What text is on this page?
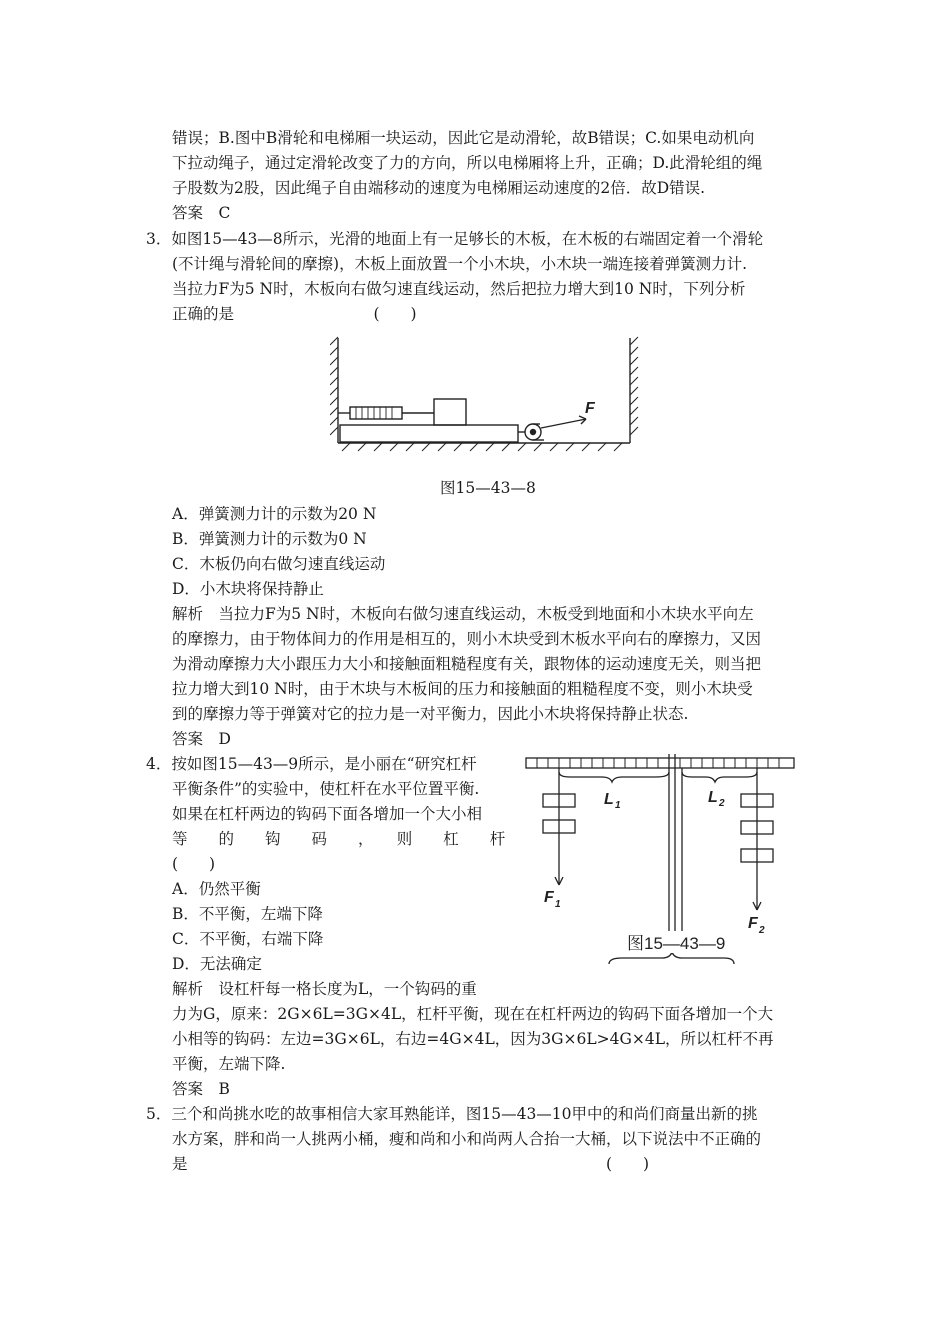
错误；B.图中B滑轮和电梯厢一块运动，因此它是动滑轮，故B错误；C.如果电动机向
下拉动绳子，通过定滑轮改变了力的方向，所以电梯厢将上升，正确；D.此滑轮组的绳
子股数为2股，因此绳子自由端移动的速度为电梯厢运动速度的2倍．故D错误.
答案　C
3．如图15—43—8所示，光滑的地面上有一足够长的木板，在木板的右端固定着一个滑轮
(不计绳与滑轮间的摩擦)，木板上面放置一个小木块，小木块一端连接着弹簧测力计.
当拉力F为5 N时，木板向右做匀速直线运动，然后把拉力增大到10 N时，下列分析
正确的是　　　　　　　　　(　　)
F
图15—43—8
A．弹簧测力计的示数为20 N
B．弹簧测力计的示数为0 N
C．木板仍向右做匀速直线运动
D．小木块将保持静止
解析　当拉力F为5 N时，木板向右做匀速直线运动，木板受到地面和小木块水平向左
的摩擦力，由于物体间力的作用是相互的，则小木块受到木板水平向右的摩擦力，又因
为滑动摩擦力大小跟压力大小和接触面粗糙程度有关，跟物体的运动速度无关，则当把
拉力增大到10 N时，由于木块与木板间的压力和接触面的粗糙程度不变，则小木块受
到的摩擦力等于弹簧对它的拉力是一对平衡力，因此小木块将保持静止状态.
答案　D
4．按如图15—43—9所示，是小丽在“研究杠杆
平衡条件”的实验中，使杠杆在水平位置平衡.
如果在杠杆两边的钩码下面各增加一个大小相
等　　的　　钩　　码　　，　　则　　杠　　杆
(　　)
A．仍然平衡
B．不平衡，左端下降
C．不平衡，右端下降
D．无法确定
L 1	L 2
F 1
F 2
图15—43—9
解析　设杠杆每一格长度为L，一个钩码的重
力为G，原来：2G×6L=3G×4L，杠杆平衡，现在在杠杆两边的钩码下面各增加一个大
小相等的钩码：左边=3G×6L，右边=4G×4L，因为3G×6L>4G×4L，所以杠杆不再
平衡，左端下降.
答案　B
5．三个和尚挑水吃的故事相信大家耳熟能详，图15—43—10甲中的和尚们商量出新的挑
水方案，胖和尚一人挑两小桶，瘦和尚和小和尚两人合抬一大桶，以下说法中不正确的
是　　　　　　　　　　　　　　　　　　　　　　　　　　　(　　)
